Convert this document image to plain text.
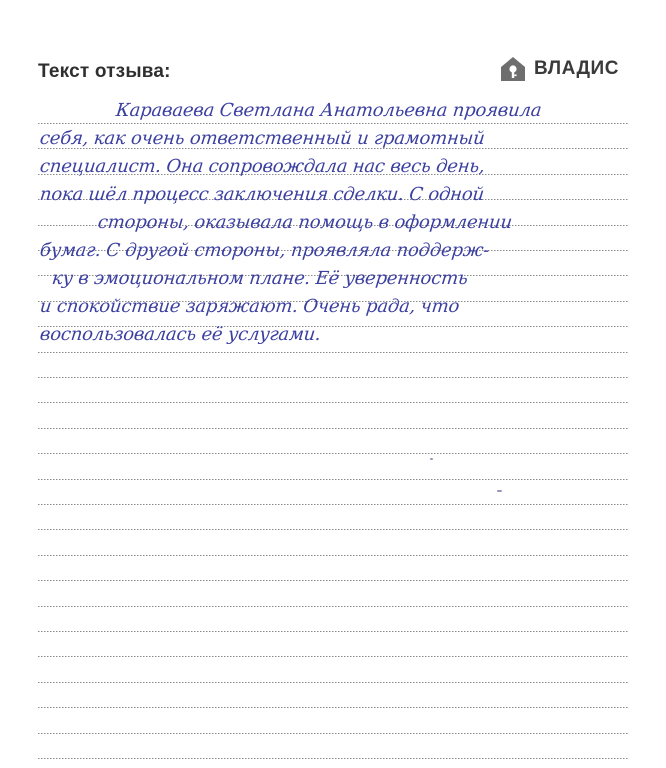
Текст отзыва:	ВЛАДИС
Караваева Светлана Анатольевна проявила
себя, как очень ответственный и грамотный
специалист. Она сопровождала нас весь день,
пока шёл процесс заключения сделки. С одной
стороны, оказывала помощь в оформлении
бумаг. С другой стороны, проявляла поддерж-
ку в эмоциональном плане. Её уверенность
и спокойствие заряжают. Очень рада, что
воспользовалась её услугами.
